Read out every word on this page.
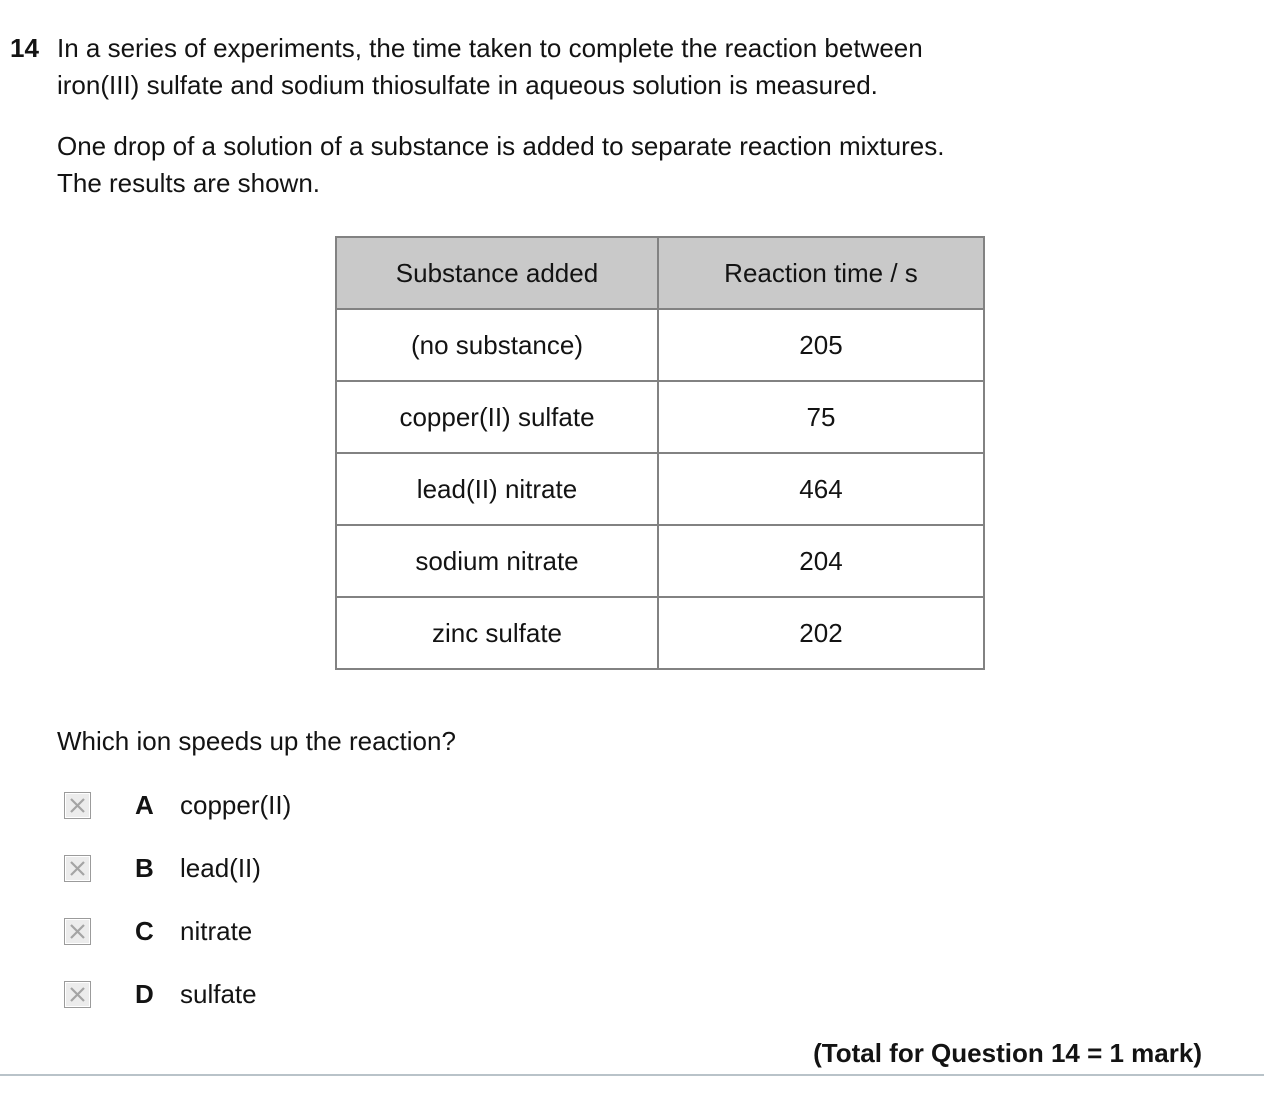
14 In a series of experiments, the time taken to complete the reaction between
iron(III) sulfate and sodium thiosulfate in aqueous solution is measured.
One drop of a solution of a substance is added to separate reaction mixtures.
The results are shown.
Substance added	Reaction time / s
(no substance)	205
copper(II) sulfate	75
lead(II) nitrate	464
sodium nitrate	204
zinc sulfate	202
Which ion speeds up the reaction?
A	copper(II)
B	lead(II)
C	nitrate
D	sulfate
(Total for Question 14 = 1 mark)
